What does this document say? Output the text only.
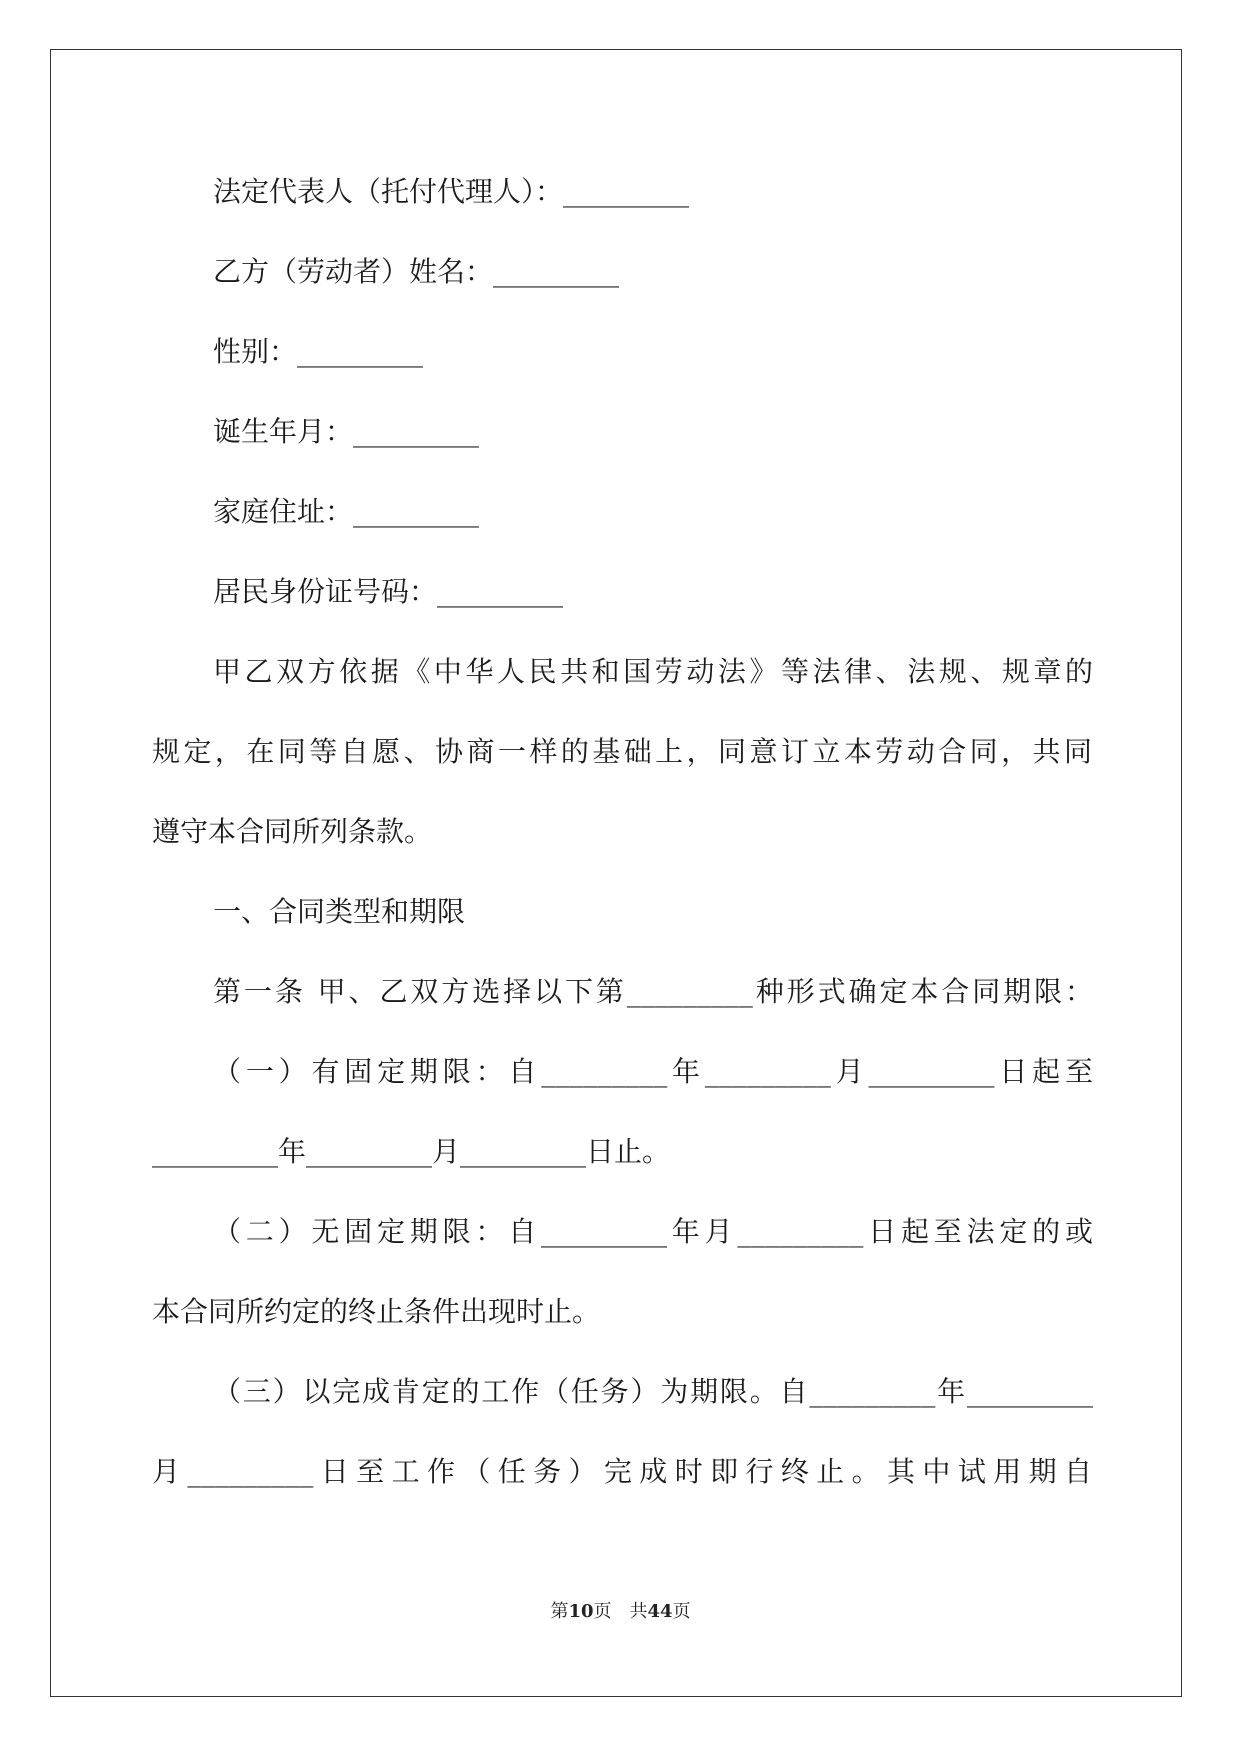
法定代表人（托付代理人）：_________
乙方（劳动者）姓名：_________
性别：_________
诞生年月：_________
家庭住址：_________
居民身份证号码：_________
甲乙双方依据《中华人民共和国劳动法》等法律、法规、规章的
规定，在同等自愿、协商一样的基础上，同意订立本劳动合同，共同
遵守本合同所列条款。
一、合同类型和期限
第一条 甲、乙双方选择以下第_________种形式确定本合同期限：
（一）有固定期限：自_________年_________月_________日起至
_________年_________月_________日止。
（二）无固定期限：自_________年月_________日起至法定的或
本合同所约定的终止条件出现时止。
（三）以完成肯定的工作（任务）为期限。自_________年_________
月_________日至工作（任务）完成时即行终止。其中试用期自
第10页　共44页
